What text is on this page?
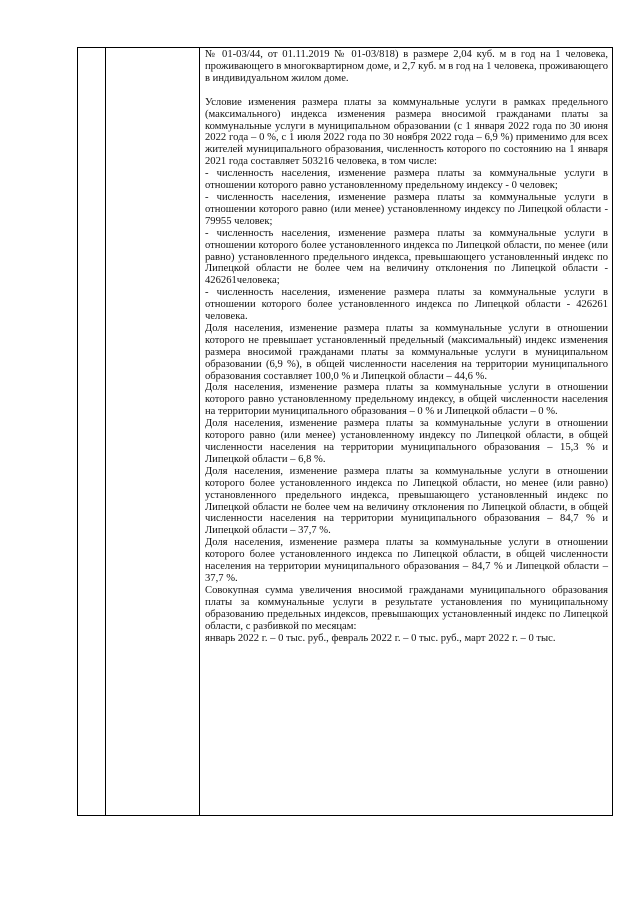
№ 01-03/44, от 01.11.2019 № 01-03/818) в размере 2,04 куб. м в год на 1 человека, проживающего в многоквартирном доме, и 2,7 куб. м в год на 1 человека, проживающего в индивидуальном жилом доме.

Условие изменения размера платы за коммунальные услуги в рамках предельного (максимального) индекса изменения размера вносимой гражданами платы за коммунальные услуги в муниципальном образовании (с 1 января 2022 года по 30 июня 2022 года – 0 %, с 1 июля 2022 года по 30 ноября 2022 года – 6,9 %) применимо для всех жителей муниципального образования, численность которого по состоянию на 1 января 2021 года составляет 503216 человека, в том числе:

- численность населения, изменение размера платы за коммунальные услуги в отношении которого равно установленному предельному индексу - 0 человек;

- численность населения, изменение размера платы за коммунальные услуги в отношении которого равно (или менее) установленному индексу по Липецкой области - 79955 человек;

- численность населения, изменение размера платы за коммунальные услуги в отношении которого более установленного индекса по Липецкой области, по менее (или равно) установленного предельного индекса, превышающего установленный индекс по Липецкой области не более чем на величину отклонения по Липецкой области - 426261человека;

- численность населения, изменение размера платы за коммунальные услуги в отношении которого более установленного индекса по Липецкой области - 426261 человека.

Доля населения, изменение размера платы за коммунальные услуги в отношении которого не превышает установленный предельный (максимальный) индекс изменения размера вносимой гражданами платы за коммунальные услуги в муниципальном образовании (6,9 %), в общей численности населения на территории муниципального образования составляет 100,0 % и Липецкой области – 44,6 %.

Доля населения, изменение размера платы за коммунальные услуги в отношении которого равно установленному предельному индексу, в общей численности населения на территории муниципального образования – 0 % и Липецкой области – 0 %.

Доля населения, изменение размера платы за коммунальные услуги в отношении которого равно (или менее) установленному индексу по Липецкой области, в общей численности населения на территории муниципального образования – 15,3 % и Липецкой области – 6,8 %.

Доля населения, изменение размера платы за коммунальные услуги в отношении которого более установленного индекса по Липецкой области, но менее (или равно) установленного предельного индекса, превышающего установленный индекс по Липецкой области не более чем на величину отклонения по Липецкой области, в общей численности населения на территории муниципального образования – 84,7 % и Липецкой области – 37,7 %.

Доля населения, изменение размера платы за коммунальные услуги в отношении которого более установленного индекса по Липецкой области, в общей численности населения на территории муниципального образования – 84,7 % и Липецкой области – 37,7 %.

Совокупная сумма увеличения вносимой гражданами муниципального образования платы за коммунальные услуги в результате установления по муниципальному образованию предельных индексов, превышающих установленный индекс по Липецкой области, с разбивкой по месяцам:

январь 2022 г. – 0 тыс. руб., февраль 2022 г. – 0 тыс. руб., март 2022 г. – 0 тыс.
